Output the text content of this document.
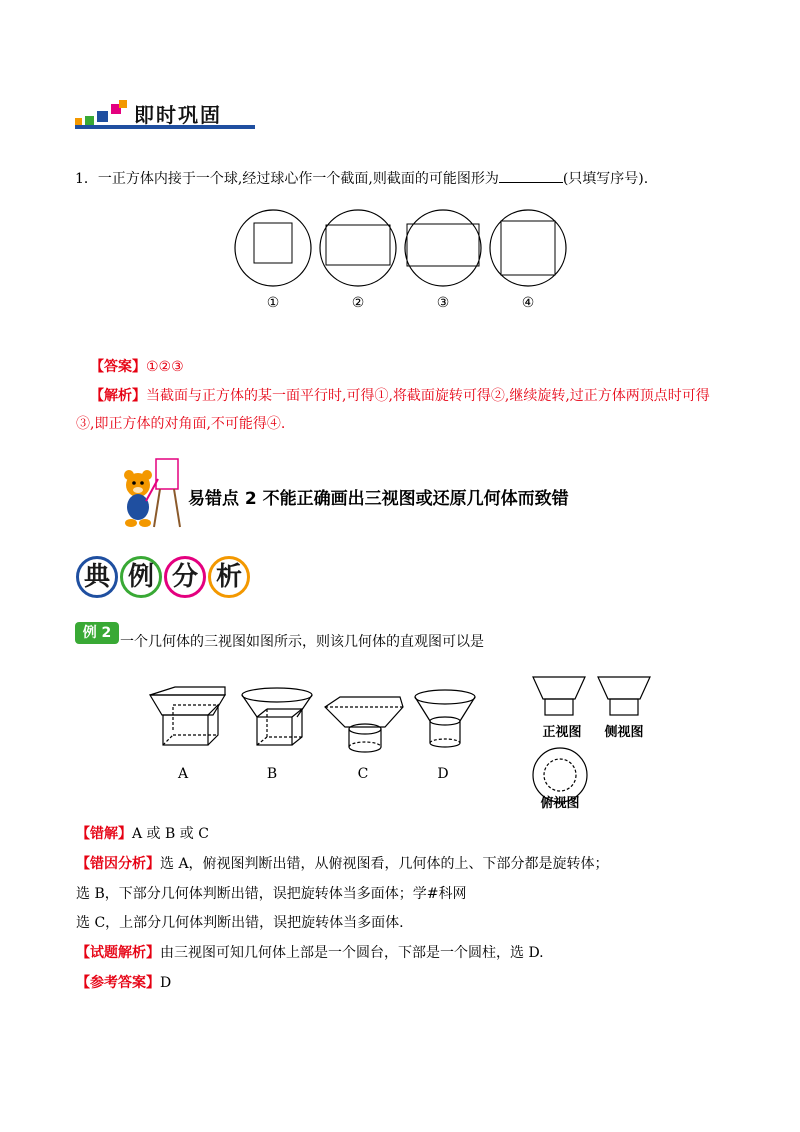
即时巩固
1．一正方体内接于一个球,经过球心作一个截面,则截面的可能图形为	(只填写序号).
①	②	③	④
【答案】①②③
【解析】当截面与正方体的某一面平行时,可得①,将截面旋转可得②,继续旋转,过正方体两顶点时可得
③,即正方体的对角面,不可能得④.
易错点 2 不能正确画出三视图或还原几何体而致错
典 例 分 析
例 2
一个几何体的三视图如图所示，则该几何体的直观图可以是
A	B	C	D
正视图 侧视图
俯视图
【错解】A 或 B 或 C
【错因分析】选 A，俯视图判断出错，从俯视图看，几何体的上、下部分都是旋转体；
选 B，下部分几何体判断出错，误把旋转体当多面体；学#科网
选 C，上部分几何体判断出错，误把旋转体当多面体.
【试题解析】由三视图可知几何体上部是一个圆台，下部是一个圆柱，选 D.
【参考答案】D
